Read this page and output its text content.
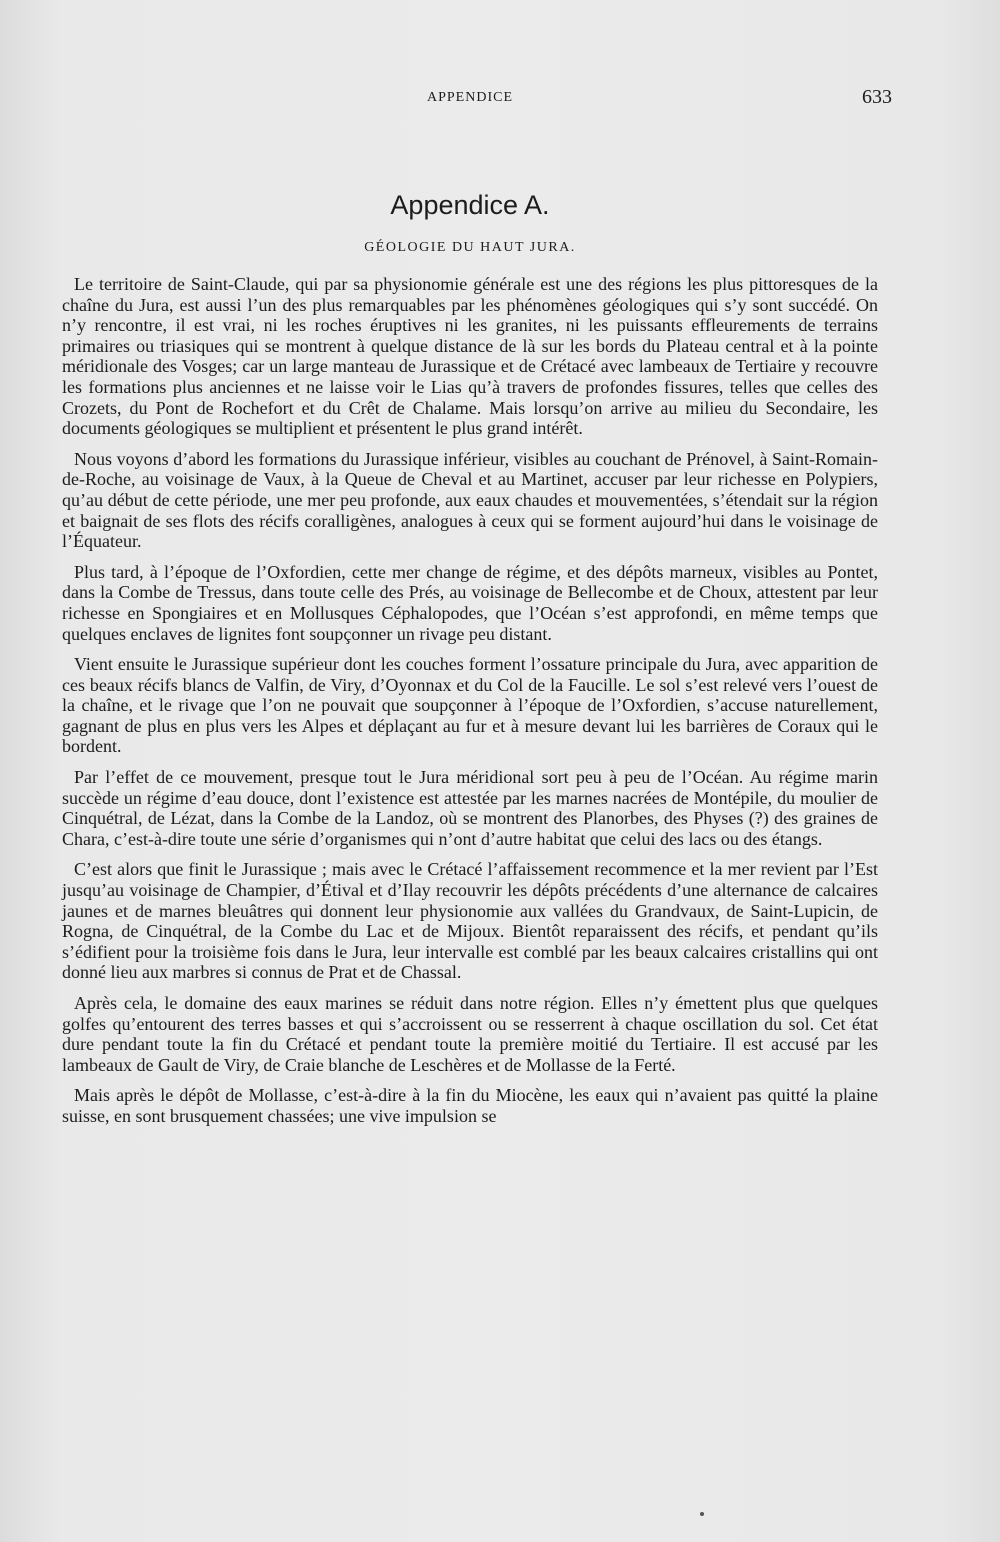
APPENDICE	633
Appendice A.
GÉOLOGIE DU HAUT JURA.

Le territoire de Saint-Claude, qui par sa physionomie générale est une des régions les plus pittoresques de la chaîne du Jura, est aussi l’un des plus remarquables par les phénomènes géologiques qui s’y sont succédé. On n’y rencontre, il est vrai, ni les roches éruptives ni les granites, ni les puissants effleurements de terrains primaires ou triasiques qui se montrent à quelque distance de là sur les bords du Plateau central et à la pointe méridionale des Vosges; car un large manteau de Jurassique et de Crétacé avec lambeaux de Tertiaire y recouvre les formations plus anciennes et ne laisse voir le Lias qu’à travers de profondes fissures, telles que celles des Crozets, du Pont de Rochefort et du Crêt de Chalame. Mais lorsqu’on arrive au milieu du Secondaire, les documents géologiques se multiplient et présentent le plus grand intérêt.

Nous voyons d’abord les formations du Jurassique inférieur, visibles au couchant de Prénovel, à Saint-Romain-de-Roche, au voisinage de Vaux, à la Queue de Cheval et au Martinet, accuser par leur richesse en Polypiers, qu’au début de cette période, une mer peu profonde, aux eaux chaudes et mouvementées, s’étendait sur la région et baignait de ses flots des récifs coralligènes, analogues à ceux qui se forment aujourd’hui dans le voisinage de l’Équateur.

Plus tard, à l’époque de l’Oxfordien, cette mer change de régime, et des dépôts marneux, visibles au Pontet, dans la Combe de Tressus, dans toute celle des Prés, au voisinage de Bellecombe et de Choux, attestent par leur richesse en Spongiaires et en Mollusques Céphalopodes, que l’Océan s’est approfondi, en même temps que quelques enclaves de lignites font soupçonner un rivage peu distant.

Vient ensuite le Jurassique supérieur dont les couches forment l’ossature principale du Jura, avec apparition de ces beaux récifs blancs de Valfin, de Viry, d’Oyonnax et du Col de la Faucille. Le sol s’est relevé vers l’ouest de la chaîne, et le rivage que l’on ne pouvait que soupçonner à l’époque de l’Oxfordien, s’accuse naturellement, gagnant de plus en plus vers les Alpes et déplaçant au fur et à mesure devant lui les barrières de Coraux qui le bordent.

Par l’effet de ce mouvement, presque tout le Jura méridional sort peu à peu de l’Océan. Au régime marin succède un régime d’eau douce, dont l’existence est attestée par les marnes nacrées de Montépile, du moulier de Cinquétral, de Lézat, dans la Combe de la Landoz, où se montrent des Planorbes, des Physes (?) des graines de Chara, c’est-à-dire toute une série d’organismes qui n’ont d’autre habitat que celui des lacs ou des étangs.

C’est alors que finit le Jurassique ; mais avec le Crétacé l’affaissement recommence et la mer revient par l’Est jusqu’au voisinage de Champier, d’Étival et d’Ilay recouvrir les dépôts précédents d’une alternance de calcaires jaunes et de marnes bleuâtres qui donnent leur physionomie aux vallées du Grandvaux, de Saint-Lupicin, de Rogna, de Cinquétral, de la Combe du Lac et de Mijoux. Bientôt reparaissent des récifs, et pendant qu’ils s’édifient pour la troisième fois dans le Jura, leur intervalle est comblé par les beaux calcaires cristallins qui ont donné lieu aux marbres si connus de Prat et de Chassal.

Après cela, le domaine des eaux marines se réduit dans notre région. Elles n’y émettent plus que quelques golfes qu’entourent des terres basses et qui s’accroissent ou se resserrent à chaque oscillation du sol. Cet état dure pendant toute la fin du Crétacé et pendant toute la première moitié du Tertiaire. Il est accusé par les lambeaux de Gault de Viry, de Craie blanche de Leschères et de Mollasse de la Ferté.

Mais après le dépôt de Mollasse, c’est-à-dire à la fin du Miocène, les eaux qui n’avaient pas quitté la plaine suisse, en sont brusquement chassées; une vive impulsion se
